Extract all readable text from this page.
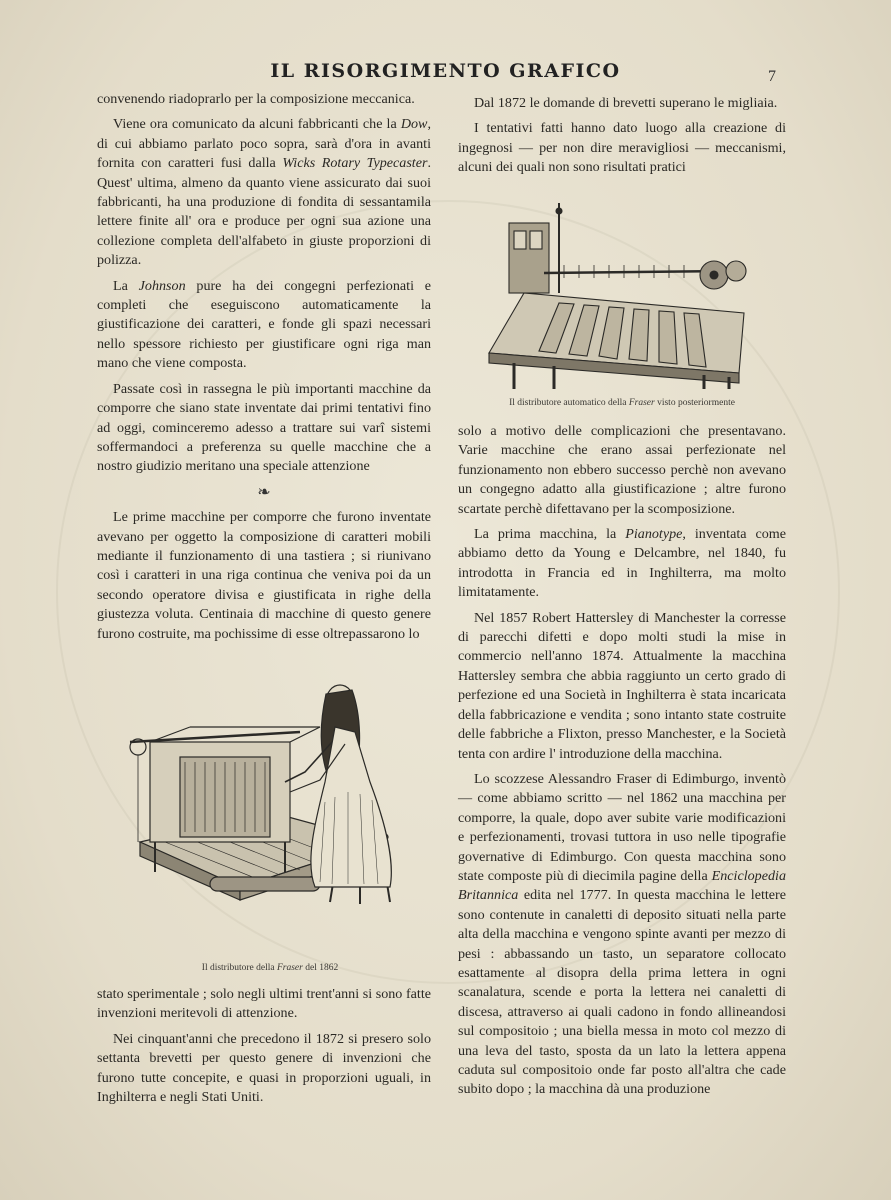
IL RISORGIMENTO GRAFICO	7

convenendo riadoprarlo per la composizione meccanica.

Viene ora comunicato da alcuni fabbricanti che la Dow, di cui abbiamo parlato poco sopra, sarà d'ora in avanti fornita con caratteri fusi dalla Wicks Rotary Typecaster. Quest' ultima, almeno da quanto viene assicurato dai suoi fabbricanti, ha una produzione di fondita di sessantamila lettere finite all' ora e produce per ogni sua azione una collezione completa dell'alfabeto in giuste proporzioni di polizza.

La Johnson pure ha dei congegni perfezionati e completi che eseguiscono automaticamente la giustificazione dei caratteri, e fonde gli spazi necessari nello spessore richiesto per giustificare ogni riga man mano che viene composta.

Passate così in rassegna le più importanti macchine da comporre che siano state inventate dai primi tentativi fino ad oggi, cominceremo adesso a trattare sui varî sistemi soffermandoci a preferenza su quelle macchine che a nostro giudizio meritano una speciale attenzione

❧

Le prime macchine per comporre che furono inventate avevano per oggetto la composizione di caratteri mobili mediante il funzionamento di una tastiera ; si riunivano così i caratteri in una riga continua che veniva poi da un secondo operatore divisa e giustificata in righe della giustezza voluta. Centinaia di macchine di questo genere furono costruite, ma pochissime di esse oltrepassarono lo

Il distributore della Fraser del 1862

stato sperimentale ; solo negli ultimi trent'anni si sono fatte invenzioni meritevoli di attenzione.

Nei cinquant'anni che precedono il 1872 si presero solo settanta brevetti per questo genere di invenzioni che furono tutte concepite, e quasi in proporzioni uguali, in Inghilterra e negli Stati Uniti.

Dal 1872 le domande di brevetti superano le migliaia.

I tentativi fatti hanno dato luogo alla creazione di ingegnosi — per non dire meravigliosi — meccanismi, alcuni dei quali non sono risultati pratici

Il distributore automatico della Fraser visto posteriormente

solo a motivo delle complicazioni che presentavano. Varie macchine che erano assai perfezionate nel funzionamento non ebbero successo perchè non avevano un congegno adatto alla giustificazione ; altre furono scartate perchè difettavano per la scomposizione.

La prima macchina, la Pianotype, inventata come abbiamo detto da Young e Delcambre, nel 1840, fu introdotta in Francia ed in Inghilterra, ma molto limitatamente.

Nel 1857 Robert Hattersley di Manchester la corresse di parecchi difetti e dopo molti studi la mise in commercio nell'anno 1874. Attualmente la macchina Hattersley sembra che abbia raggiunto un certo grado di perfezione ed una Società in Inghilterra è stata incaricata della fabbricazione e vendita ; sono intanto state costruite delle fabbriche a Flixton, presso Manchester, e la Società tenta con ardire l' introduzione della macchina.

Lo scozzese Alessandro Fraser di Edimburgo, inventò — come abbiamo scritto — nel 1862 una macchina per comporre, la quale, dopo aver subite varie modificazioni e perfezionamenti, trovasi tuttora in uso nelle tipografie governative di Edimburgo. Con questa macchina sono state composte più di diecimila pagine della Enciclopedia Britannica edita nel 1777. In questa macchina le lettere sono contenute in canaletti di deposito situati nella parte alta della macchina e vengono spinte avanti per mezzo di pesi : abbassando un tasto, un separatore collocato esattamente al disopra della prima lettera in ogni scanalatura, scende e porta la lettera nei canaletti di discesa, attraverso ai quali cadono in fondo allineandosi sul compositoio ; una biella messa in moto col mezzo di una leva del tasto, sposta da un lato la lettera appena caduta sul compositoio onde far posto all'altra che cade subito dopo ; la macchina dà una produzione
